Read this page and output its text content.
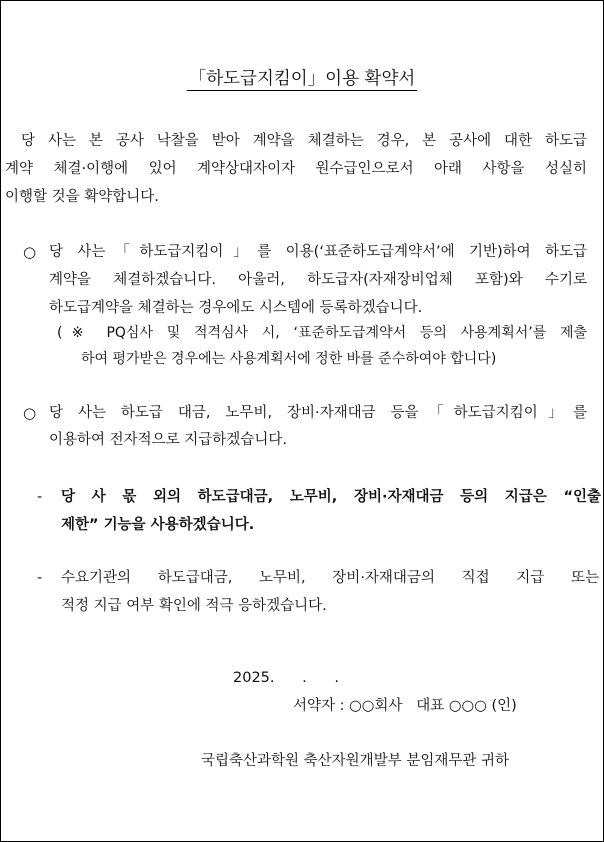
「하도급지킴이」이용 확약서
당 사는 본 공사 낙찰을 받아 계약을 체결하는 경우, 본 공사에 대한 하도급
계약 체결·이행에 있어 계약상대자이자 원수급인으로서 아래 사항을 성실히
이행할 것을 확약합니다.
○ 당 사는「하도급지킴이」를 이용(‘표준하도급계약서’에 기반)하여 하도급
계약을 체결하겠습니다. 아울러, 하도급자(자재장비업체 포함)와 수기로
하도급계약을 체결하는 경우에도 시스템에 등록하겠습니다.
(※ PQ심사 및 적격심사 시, ‘표준하도급계약서 등의 사용계획서’를 제출
하여 평가받은 경우에는 사용계획서에 정한 바를 준수하여야 합니다)
○ 당 사는 하도급 대금, 노무비, 장비·자재대금 등을「하도급지킴이」를
이용하여 전자적으로 지급하겠습니다.
- 당 사 몫 외의 하도급대금, 노무비, 장비·자재대금 등의 지급은 “인출
제한” 기능을 사용하겠습니다.
- 수요기관의 하도급대금, 노무비, 장비·자재대금의 직접 지급 또는
적정 지급 여부 확인에 적극 응하겠습니다.
2025.      .      .
서약자 : ○○회사   대표 ○○○ (인)
국립축산과학원 축산자원개발부 분임재무관 귀하
